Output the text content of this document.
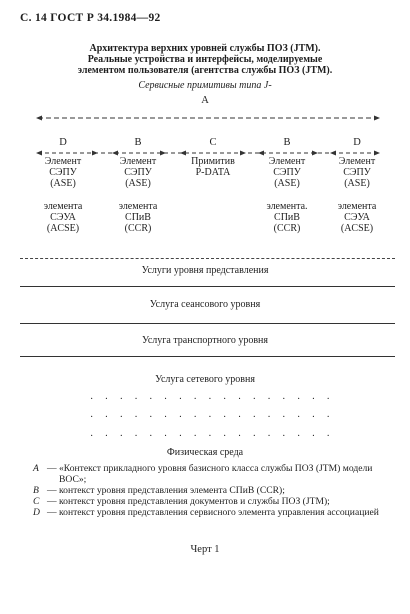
С. 14 ГОСТ Р 34.1984—92
Архитектура верхних уровней службы ПОЗ (JTM).
Реальные устройства и интерфейсы, моделируемые
элементом пользователя (агентства службы ПОЗ (JTM).
Сервисные примитивы типа J-
A
D
Элемент
СЭПУ
(ASE)
элемента
СЭУА
(ACSE)
B
Элемент
СЭПУ
(ASE)
элемента
СПиВ
(CCR)
C
Примитив
P-DATA
B
Элемент
СЭПУ
(ASE)
элемента.
СПиВ
(CCR)
D
Элемент
СЭПУ
(ASE)
элемента
СЭУА
(ACSE)
Услуги уровня представления
Услуга сеансового уровня
Услуга транспортного уровня
Услуга сетевого уровня
· · · · · · · · · · · · · · · · ·
· · · · · · · · · · · · · · · · ·
· · · · · · · · · · · · · · · · ·
Физическая среда
A — «Контекст прикладного уровня базисного класса службы ПОЗ (JTM) модели ВОС»;
B — контекст уровня представления элемента СПиВ (CCR);
C — контекст уровня представления документов и службы ПОЗ (JTM);
D — контекст уровня представления сервисного элемента управления ассоциацией
Черт 1
